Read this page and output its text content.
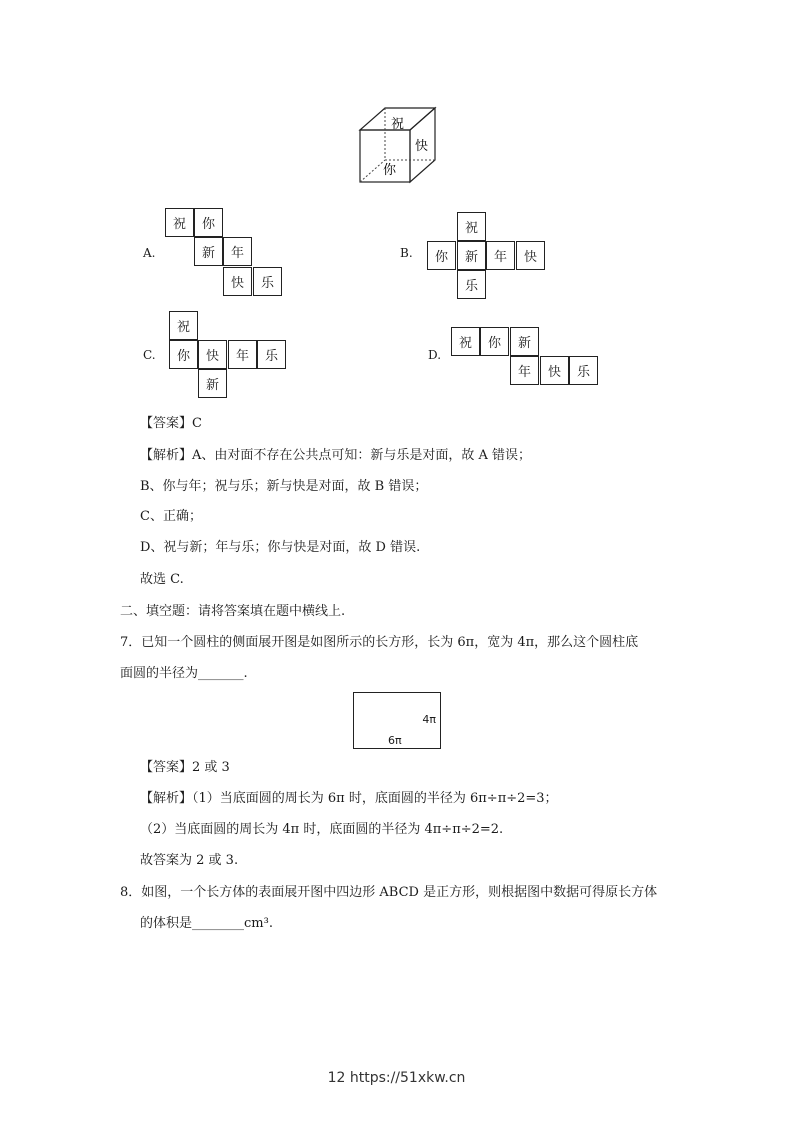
祝
快
你
A.
祝	你
新	年
快	乐
B.
祝
你	新	年	快
乐
C.
祝
你	快	年	乐
新
D.
祝	你	新
年	快	乐
【答案】C
【解析】A、由对面不存在公共点可知：新与乐是对面，故 A 错误；
B、你与年；祝与乐；新与快是对面，故 B 错误；
C、正确；
D、祝与新；年与乐；你与快是对面，故 D 错误.
故选 C.
二、填空题：请将答案填在题中横线上.
7．已知一个圆柱的侧面展开图是如图所示的长方形，长为 6π，宽为 4π，那么这个圆柱底
面圆的半径为_______.
4π
6π
【答案】2 或 3
【解析】（1）当底面圆的周长为 6π 时，底面圆的半径为 6π÷π÷2=3；
（2）当底面圆的周长为 4π 时，底面圆的半径为 4π÷π÷2=2.
故答案为 2 或 3.
8．如图，一个长方体的表面展开图中四边形 ABCD 是正方形，则根据图中数据可得原长方体
的体积是________cm³.
12 https://51xkw.cn
